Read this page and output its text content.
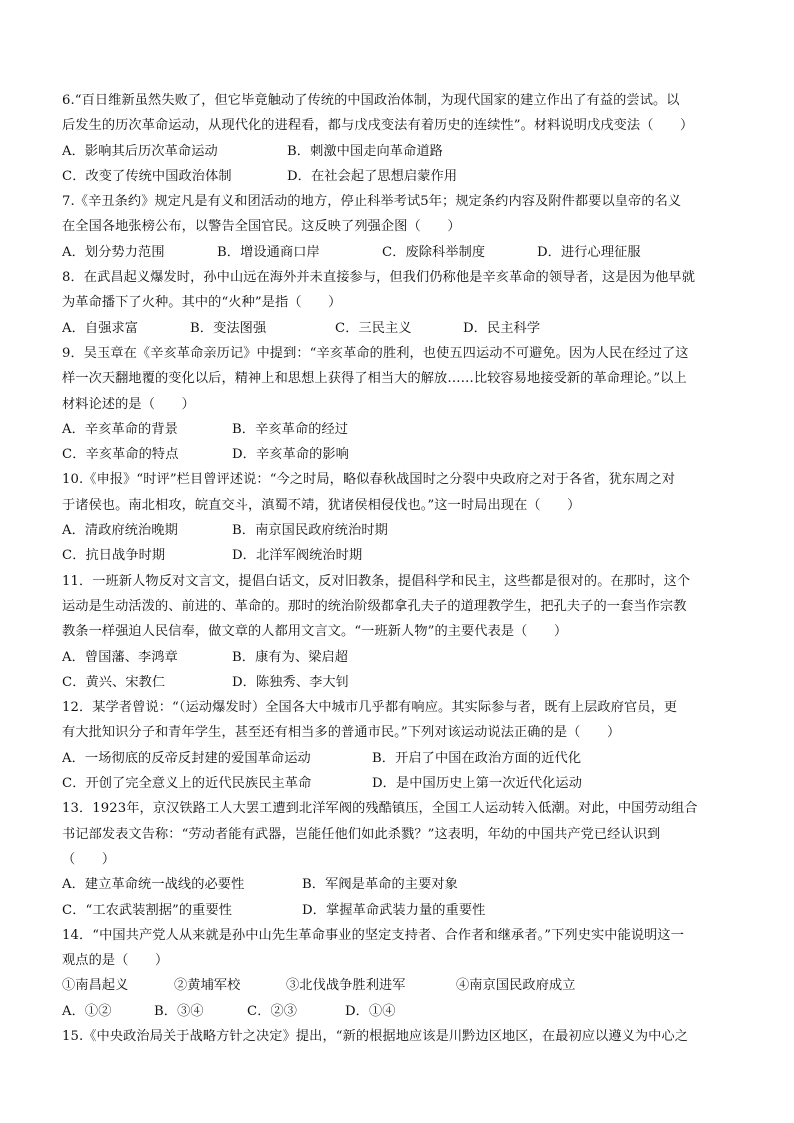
6.“百日维新虽然失败了，但它毕竟触动了传统的中国政治体制，为现代国家的建立作出了有益的尝试。以
后发生的历次革命运动，从现代化的进程看，都与戊戌变法有着历史的连续性”。材料说明戊戌变法（　　）
A．影响其后历次革命运动	B．刺激中国走向革命道路
C．改变了传统中国政治体制	D．在社会起了思想启蒙作用
7.《辛丑条约》规定凡是有义和团活动的地方，停止科举考试5年；规定条约内容及附件都要以皇帝的名义
在全国各地张榜公布，以警告全国官民。这反映了列强企图（　　）
A．划分势力范围	B．增设通商口岸	C．废除科举制度	D．进行心理征服
8．在武昌起义爆发时，孙中山远在海外并未直接参与，但我们仍称他是辛亥革命的领导者，这是因为他早就
为革命播下了火种。其中的“火种”是指（　　）
A．自强求富	B．变法图强	C．三民主义	D．民主科学
9．吴玉章在《辛亥革命亲历记》中提到：“辛亥革命的胜利，也使五四运动不可避免。因为人民在经过了这
样一次天翻地覆的变化以后，精神上和思想上获得了相当大的解放……比较容易地接受新的革命理论。”以上
材料论述的是（　　）
A．辛亥革命的背景	B．辛亥革命的经过
C．辛亥革命的特点	D．辛亥革命的影响
10.《申报》“时评”栏目曾评述说：“今之时局，略似春秋战国时之分裂中央政府之对于各省，犹东周之对
于诸侯也。南北相攻，皖直交斗，滇蜀不靖，犹诸侯相侵伐也。”这一时局出现在（　　）
A．清政府统治晚期	B．南京国民政府统治时期
C．抗日战争时期	D．北洋军阀统治时期
11．一班新人物反对文言文，提倡白话文，反对旧教条，提倡科学和民主，这些都是很对的。在那时，这个
运动是生动活泼的、前进的、革命的。那时的统治阶级都拿孔夫子的道理教学生，把孔夫子的一套当作宗教
教条一样强迫人民信奉，做文章的人都用文言文。“一班新人物”的主要代表是（　　）
A．曾国藩、李鸿章	B．康有为、梁启超
C．黄兴、宋教仁	D．陈独秀、李大钊
12．某学者曾说：“（运动爆发时）全国各大中城市几乎都有响应。其实际参与者，既有上层政府官员，更
有大批知识分子和青年学生，甚至还有相当多的普通市民。”下列对该运动说法正确的是（　　）
A．一场彻底的反帝反封建的爱国革命运动	B．开启了中国在政治方面的近代化
C．开创了完全意义上的近代民族民主革命	D．是中国历史上第一次近代化运动
13．1923年，京汉铁路工人大罢工遭到北洋军阀的残酷镇压，全国工人运动转入低潮。对此，中国劳动组合
书记部发表文告称：“劳动者能有武器，岂能任他们如此杀戮？”这表明，年幼的中国共产党已经认识到
（　　）
A．建立革命统一战线的必要性	B．军阀是革命的主要对象
C．“工农武装割据”的重要性	D．掌握革命武装力量的重要性
14．“中国共产党人从来就是孙中山先生革命事业的坚定支持者、合作者和继承者。”下列史实中能说明这一
观点的是（　　）
①南昌起义	②黄埔军校	③北伐战争胜利进军	④南京国民政府成立
A．①②	B．③④	C．②③	D．①④
15.《中央政治局关于战略方针之决定》提出，“新的根据地应该是川黔边区地区，在最初应以遵义为中心之
